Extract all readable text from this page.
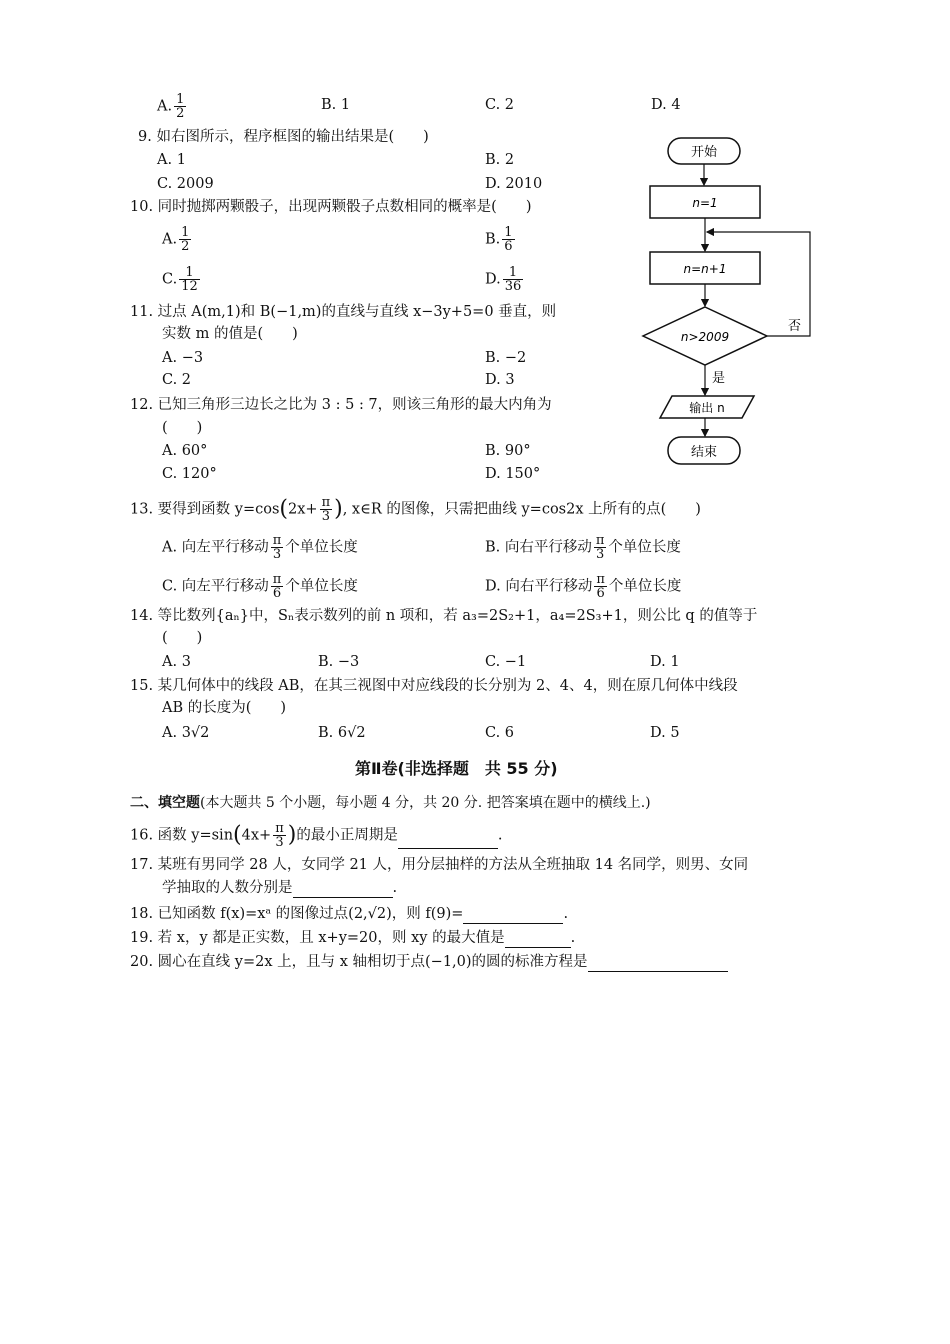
A. $\frac{1}{2}$	B. 1	C. 2	D. 4
9. 如右图所示，程序框图的输出结果是(　　)
A. 1	B. 2
C. 2009	D. 2010
10. 同时抛掷两颗骰子，出现两颗骰子点数相同的概率是(　　)
A. $\frac{1}{2}$	B. $\frac{1}{6}$
C. $\frac{1}{12}$	D. $\frac{1}{36}$
11. 过点 A(m,1)和 B(−1,m)的直线与直线 x−3y+5=0 垂直，则
实数 m 的值是(　　)
A. −3	B. −2
C. 2	D. 3
12. 已知三角形三边长之比为 3 : 5 : 7，则该三角形的最大内角为
(　　)
A. 60°	B. 90°
C. 120°	D. 150°
开始
n=1
n=n+1
n>2009
否
是
输出 n
结束
13. 要得到函数 $y=\cos(2x+ \frac{\pi}{3}$ ), x∈R 的图像，只需把曲线 y=cos2x 上所有的点(　　)
A. 向左平行移动 $\frac{\pi}{3}$ 个单位长度	B. 向右平行移动 $\frac{\pi}{3}$ 个单位长度
C. 向左平行移动 $\frac{\pi}{6}$ 个单位长度	D. 向右平行移动 $\frac{\pi}{6}$ 个单位长度
14. 等比数列{aₙ}中，Sₙ表示数列的前 n 项和，若 a₃=2S₂+1，a₄=2S₃+1，则公比 q 的值等于
(　　)
A. 3	B. −3	C. −1	D. 1
15. 某几何体中的线段 AB，在其三视图中对应线段的长分别为 2、4、4，则在原几何体中线段
AB 的长度为(　　)
A. 3√2	B. 6√2	C. 6	D. 5
第Ⅱ卷(非选择题　共 55 分)
二、填空题(本大题共 5 个小题，每小题 4 分，共 20 分. 把答案填在题中的横线上.)
16. 函数 $y=\sin(4x+ \frac{\pi}{3}$ )的最小正周期是	.
17. 某班有男同学 28 人，女同学 21 人，用分层抽样的方法从全班抽取 14 名同学，则男、女同
学抽取的人数分别是	.
18. 已知函数 f(x)=xᵃ 的图像过点(2,√2)，则 f(9)=	.
19. 若 x，y 都是正实数，且 x+y=20，则 xy 的最大值是	.
20. 圆心在直线 y=2x 上，且与 x 轴相切于点(−1,0)的圆的标准方程是
